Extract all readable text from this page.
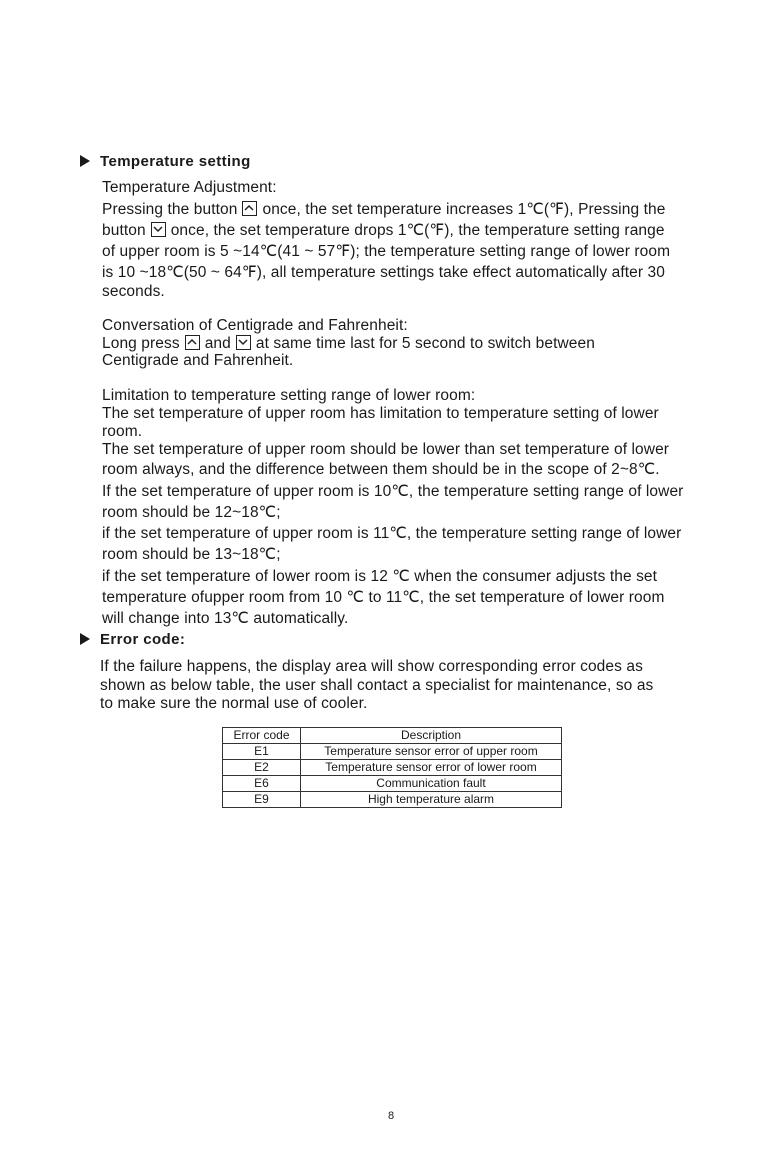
Temperature setting
Temperature Adjustment:
Pressing the button once, the set temperature increases 1℃(℉), Pressing the
button once, the set temperature drops 1℃(℉), the temperature setting range
of upper room is 5 ~14℃(41 ~ 57℉); the temperature setting range of lower room
is 10 ~18℃(50 ~ 64℉), all temperature settings take effect automatically after 30
seconds.
Conversation of Centigrade and Fahrenheit:
Long press and at same time last for 5 second to switch between
Centigrade and Fahrenheit.
Limitation to temperature setting range of lower room:
The set temperature of upper room has limitation to temperature setting of lower
room.
The set temperature of upper room should be lower than set temperature of lower
room always, and the difference between them should be in the scope of 2~8℃.
If the set temperature of upper room is 10℃, the temperature setting range of lower
room should be 12~18℃;
if the set temperature of upper room is 11℃, the temperature setting range of lower
room should be 13~18℃;
if the set temperature of lower room is 12 ℃ when the consumer adjusts the set
temperature ofupper room from 10 ℃ to 11℃, the set temperature of lower room
will change into 13℃ automatically.
Error code:
If the failure happens, the display area will show corresponding error codes as
shown as below table, the user shall contact a specialist for maintenance, so as
to make sure the normal use of cooler.
Error code	Description
E1	Temperature sensor error of upper room
E2	Temperature sensor error of lower room
E6	Communication fault
E9	High temperature alarm
8
